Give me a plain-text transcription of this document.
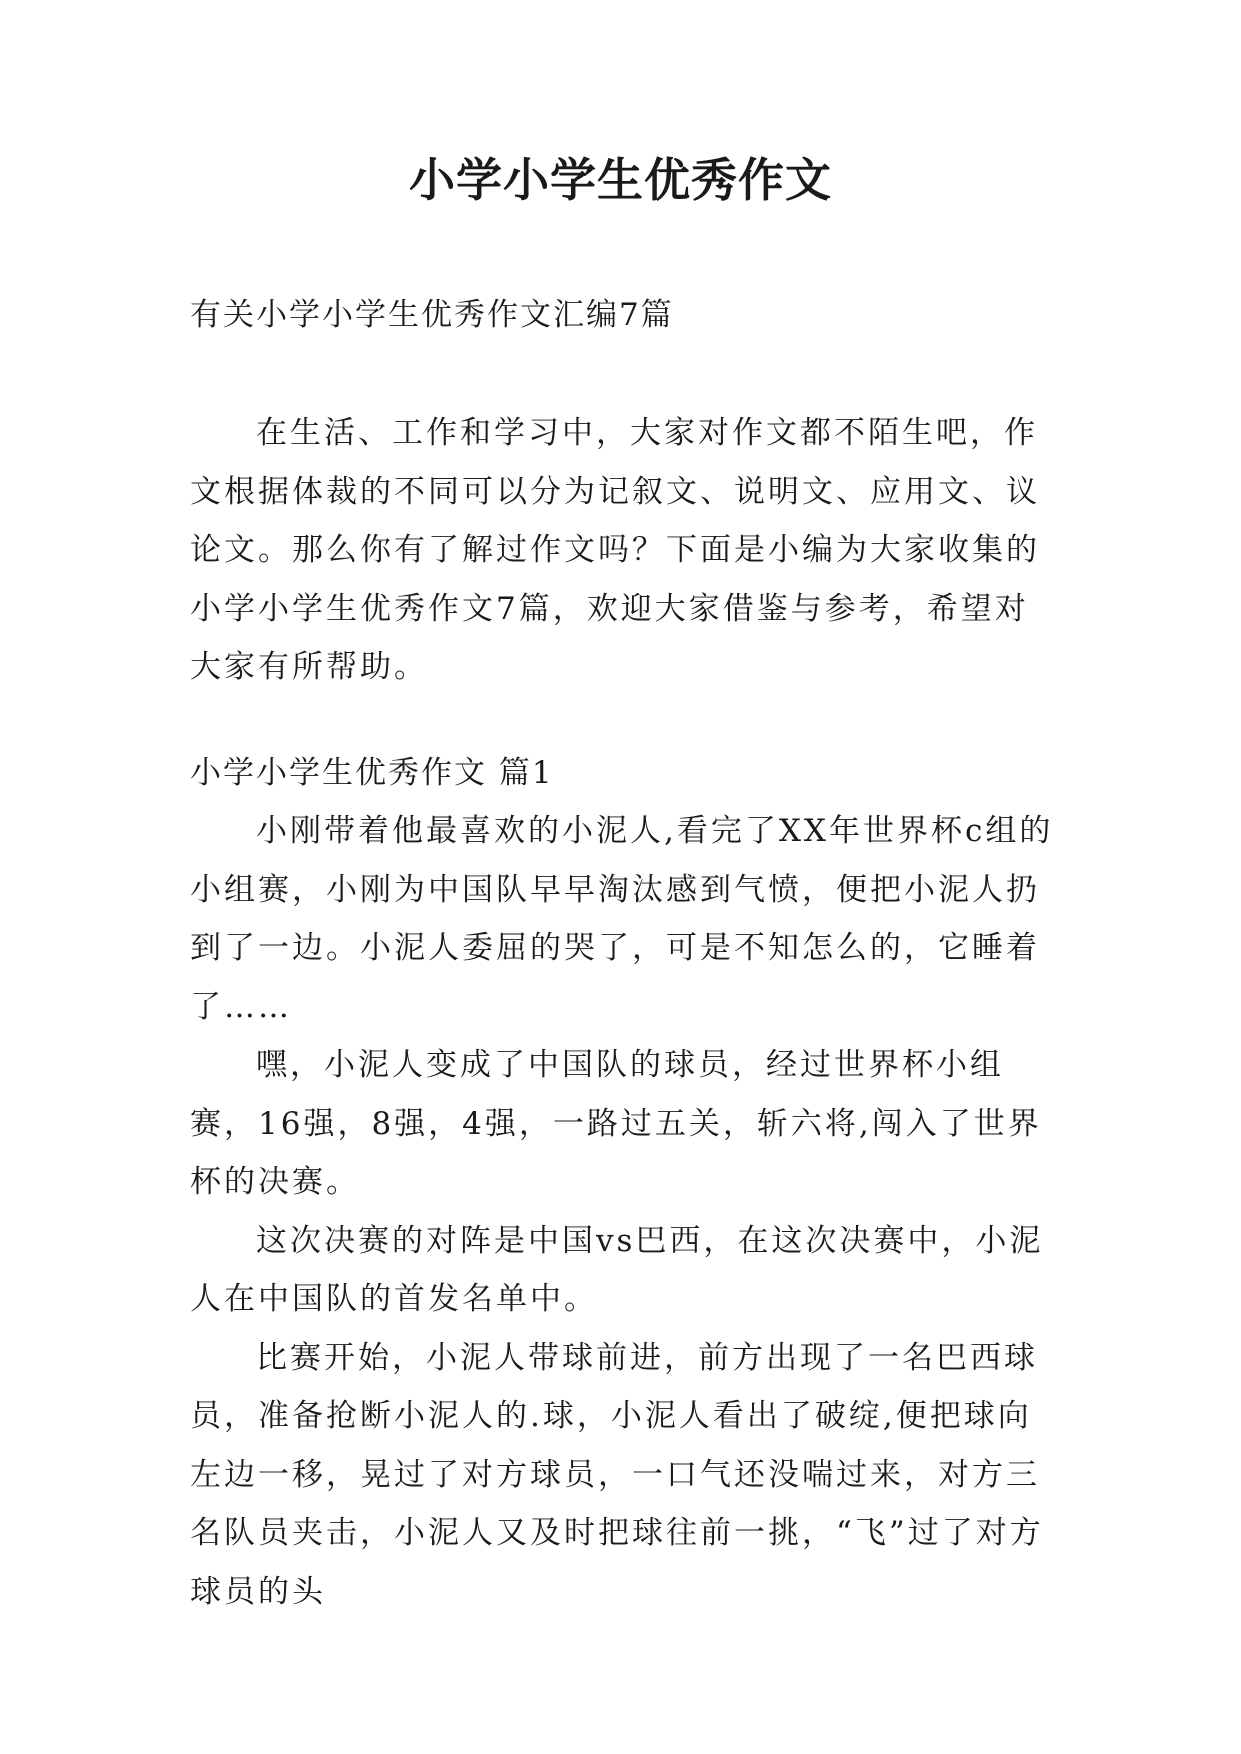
小学小学生优秀作文

有关小学小学生优秀作文汇编7篇

在生活、工作和学习中，大家对作文都不陌生吧，作文根据体裁的不同可以分为记叙文、说明文、应用文、议论文。那么你有了解过作文吗？下面是小编为大家收集的小学小学生优秀作文7篇，欢迎大家借鉴与参考，希望对大家有所帮助。

小学小学生优秀作文 篇1

小刚带着他最喜欢的小泥人,看完了XX年世界杯c组的小组赛，小刚为中国队早早淘汰感到气愤，便把小泥人扔到了一边。小泥人委屈的哭了，可是不知怎么的，它睡着了……

嘿，小泥人变成了中国队的球员，经过世界杯小组赛，16强，8强，4强，一路过五关，斩六将,闯入了世界杯的决赛。

这次决赛的对阵是中国vs巴西，在这次决赛中，小泥人在中国队的首发名单中。

比赛开始，小泥人带球前进，前方出现了一名巴西球员，准备抢断小泥人的.球，小泥人看出了破绽,便把球向左边一移，晃过了对方球员，一口气还没喘过来，对方三名队员夹击，小泥人又及时把球往前一挑，“飞”过了对方球员的头
